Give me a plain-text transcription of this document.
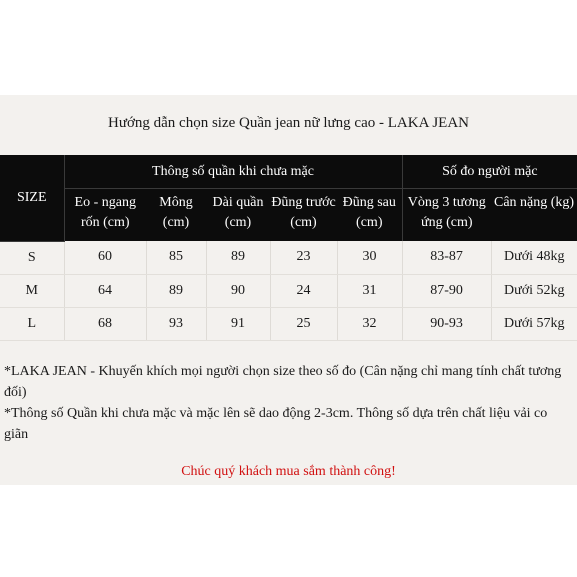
Hướng dẫn chọn size Quần jean nữ lưng cao - LAKA JEAN
SIZE	Thông số quần khi chưa mặc					Số đo người mặc	

	Eo - ngang rốn (cm)	Mông (cm)	Dài quần (cm)	Đũng trước (cm)	Đũng sau (cm)	Vòng 3 tương ứng (cm)	Cân nặng (kg)

S	60	85	89	23	30	83-87	Dưới 48kg
M	64	89	90	24	31	87-90	Dưới 52kg
L	68	93	91	25	32	90-93	Dưới 57kg

*LAKA JEAN - Khuyến khích mọi người chọn size theo số đo (Cân nặng chỉ mang tính chất tương đối)

*Thông số Quần khi chưa mặc và mặc lên sẽ dao động 2-3cm. Thông số dựa trên chất liệu vải co giãn

Chúc quý khách mua sắm thành công!
